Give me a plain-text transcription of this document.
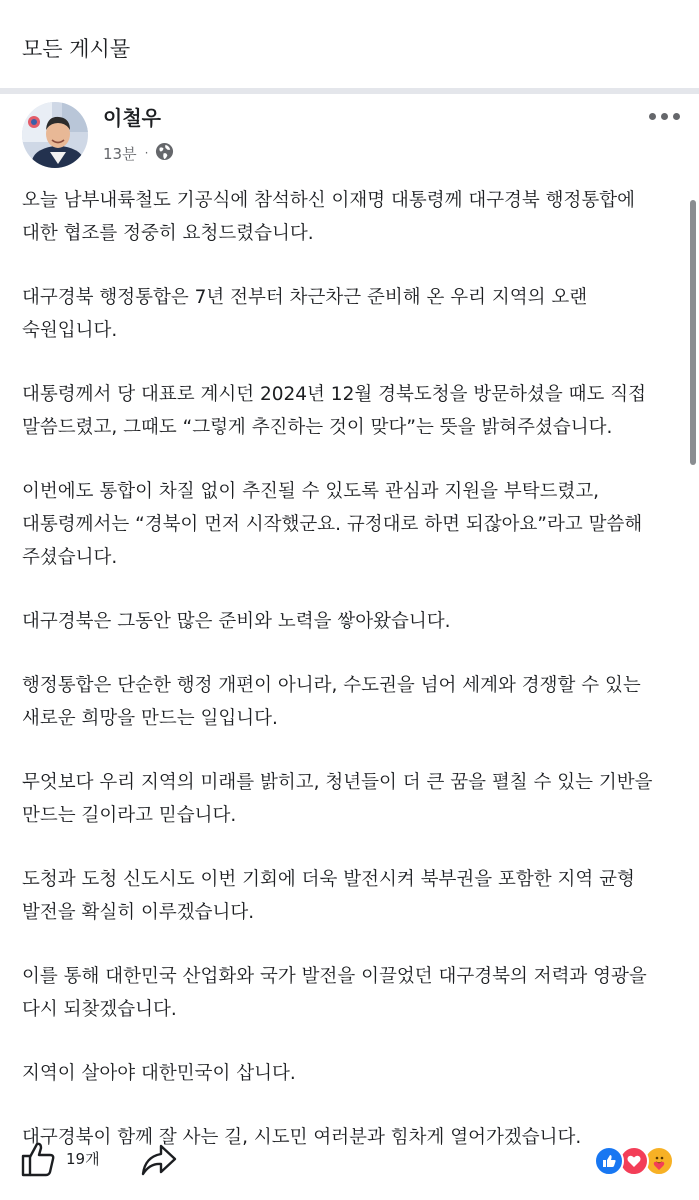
모든 게시물
이철우
13분 ·

오늘 남부내륙철도 기공식에 참석하신 이재명 대통령께 대구경북 행정통합에
대한 협조를 정중히 요청드렸습니다.

대구경북 행정통합은 7년 전부터 차근차근 준비해 온 우리 지역의 오랜
숙원입니다.

대통령께서 당 대표로 계시던 2024년 12월 경북도청을 방문하셨을 때도 직접
말씀드렸고, 그때도 “그렇게 추진하는 것이 맞다”는 뜻을 밝혀주셨습니다.

이번에도 통합이 차질 없이 추진될 수 있도록 관심과 지원을 부탁드렸고,
대통령께서는 “경북이 먼저 시작했군요. 규정대로 하면 되잖아요”라고 말씀해
주셨습니다.

대구경북은 그동안 많은 준비와 노력을 쌓아왔습니다.

행정통합은 단순한 행정 개편이 아니라, 수도권을 넘어 세계와 경쟁할 수 있는
새로운 희망을 만드는 일입니다.

무엇보다 우리 지역의 미래를 밝히고, 청년들이 더 큰 꿈을 펼칠 수 있는 기반을
만드는 길이라고 믿습니다.

도청과 도청 신도시도 이번 기회에 더욱 발전시켜 북부권을 포함한 지역 균형
발전을 확실히 이루겠습니다.

이를 통해 대한민국 산업화와 국가 발전을 이끌었던 대구경북의 저력과 영광을
다시 되찾겠습니다.

지역이 살아야 대한민국이 삽니다.

대구경북이 함께 잘 사는 길, 시도민 여러분과 힘차게 열어가겠습니다.

19개
